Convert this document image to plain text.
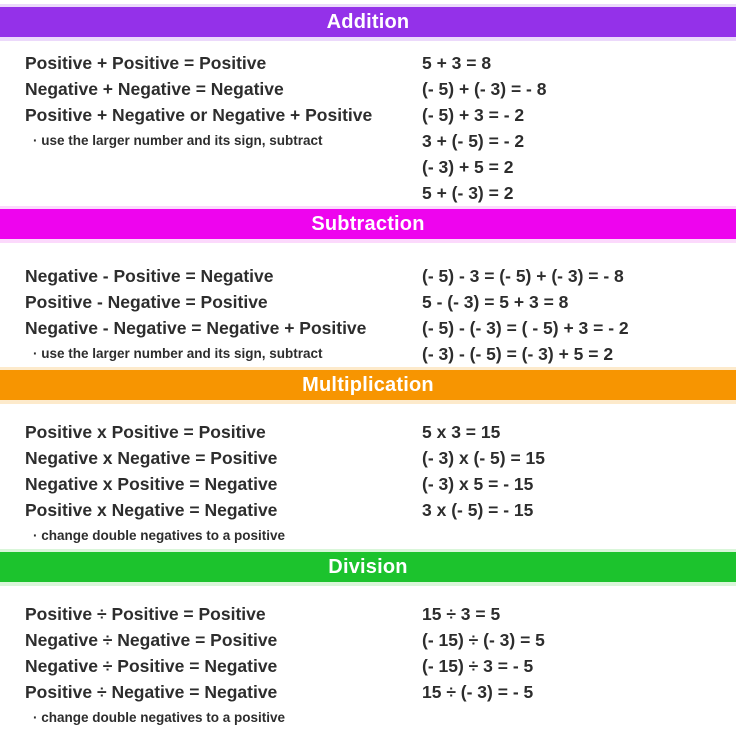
Addition
Positive + Positive = Positive
Negative + Negative = Negative
Positive + Negative or Negative + Positive
· use the larger number and its sign, subtract
5 + 3 = 8
(- 5) + (- 3) = - 8
(- 5) + 3 = - 2
3 + (- 5) = - 2
(- 3) + 5 = 2
5 + (- 3) = 2
Subtraction
Negative - Positive = Negative
Positive - Negative = Positive
Negative - Negative = Negative + Positive
· use the larger number and its sign, subtract
(- 5) - 3 = (- 5) + (- 3) = - 8
5 - (- 3) = 5 + 3 = 8
(- 5) - (- 3) = ( - 5) + 3 = - 2
(- 3) - (- 5) = (- 3) + 5 = 2
Multiplication
Positive x Positive = Positive
Negative x Negative = Positive
Negative x Positive = Negative
Positive x Negative = Negative
· change double negatives to a positive
5 x 3 = 15
(- 3) x (- 5) = 15
(- 3) x 5 = - 15
3 x (- 5) = - 15
Division
Positive ÷ Positive = Positive
Negative ÷ Negative = Positive
Negative ÷ Positive = Negative
Positive ÷ Negative = Negative
· change double negatives to a positive
15 ÷ 3 = 5
(- 15) ÷ (- 3) = 5
(- 15) ÷ 3 = - 5
15 ÷ (- 3) = - 5
